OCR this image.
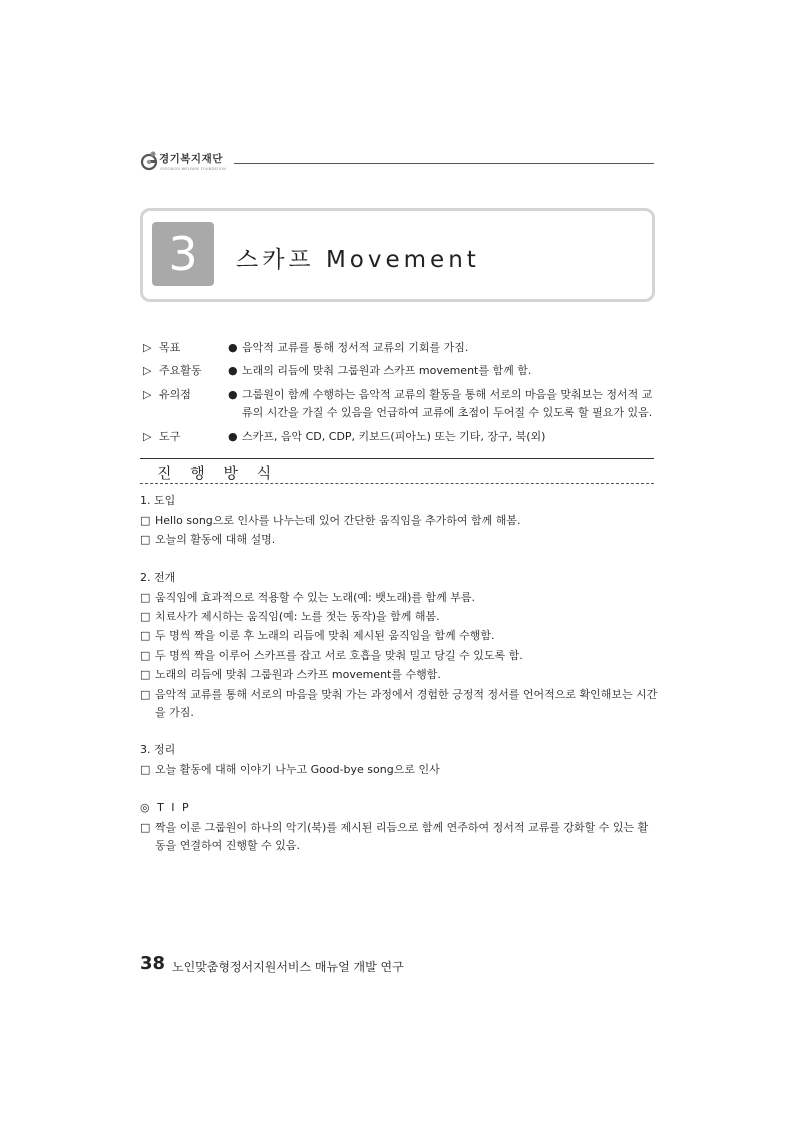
경기복지재단
GYEONGGI WELFARE FOUNDATION
3	스카프 Movement
▷ 목표	● 음악적 교류를 통해 정서적 교류의 기회를 가짐.
▷ 주요활동 ● 노래의 리듬에 맞춰 그룹원과 스카프 movement를 함께 함.
▷ 유의점	● 그룹원이 함께 수행하는 음악적 교류의 활동을 통해 서로의 마음을 맞춰보는 정서적 교류의 시간을 가질 수 있음을 언급하여 교류에 초점이 두어질 수 있도록 할 필요가 있음.
▷ 도구	● 스카프, 음악 CD, CDP, 키보드(피아노) 또는 기타, 장구, 북(외)
진 행 방 식
1. 도입
□ Hello song으로 인사를 나누는데 있어 간단한 움직임을 추가하여 함께 해봄.
□ 오늘의 활동에 대해 설명.
2. 전개
□ 움직임에 효과적으로 적용할 수 있는 노래(예: 뱃노래)를 함께 부름.
□ 치료사가 제시하는 움직임(예: 노를 젓는 동작)을 함께 해봄.
□ 두 명씩 짝을 이룬 후 노래의 리듬에 맞춰 제시된 움직임을 함께 수행함.
□ 두 명씩 짝을 이루어 스카프를 잡고 서로 호흡을 맞춰 밀고 당길 수 있도록 함.
□ 노래의 리듬에 맞춰 그룹원과 스카프 movement를 수행함.
□ 음악적 교류를 통해 서로의 마음을 맞춰 가는 과정에서 경험한 긍정적 정서를 언어적으로 확인해보는 시간을 가짐.
3. 정리
□ 오늘 활동에 대해 이야기 나누고 Good-bye song으로 인사
◎ T I P
□ 짝을 이룬 그룹원이 하나의 악기(북)를 제시된 리듬으로 함께 연주하여 정서적 교류를 강화할 수 있는 활동을 연결하여 진행할 수 있음.
38 노인맞춤형정서지원서비스 매뉴얼 개발 연구
